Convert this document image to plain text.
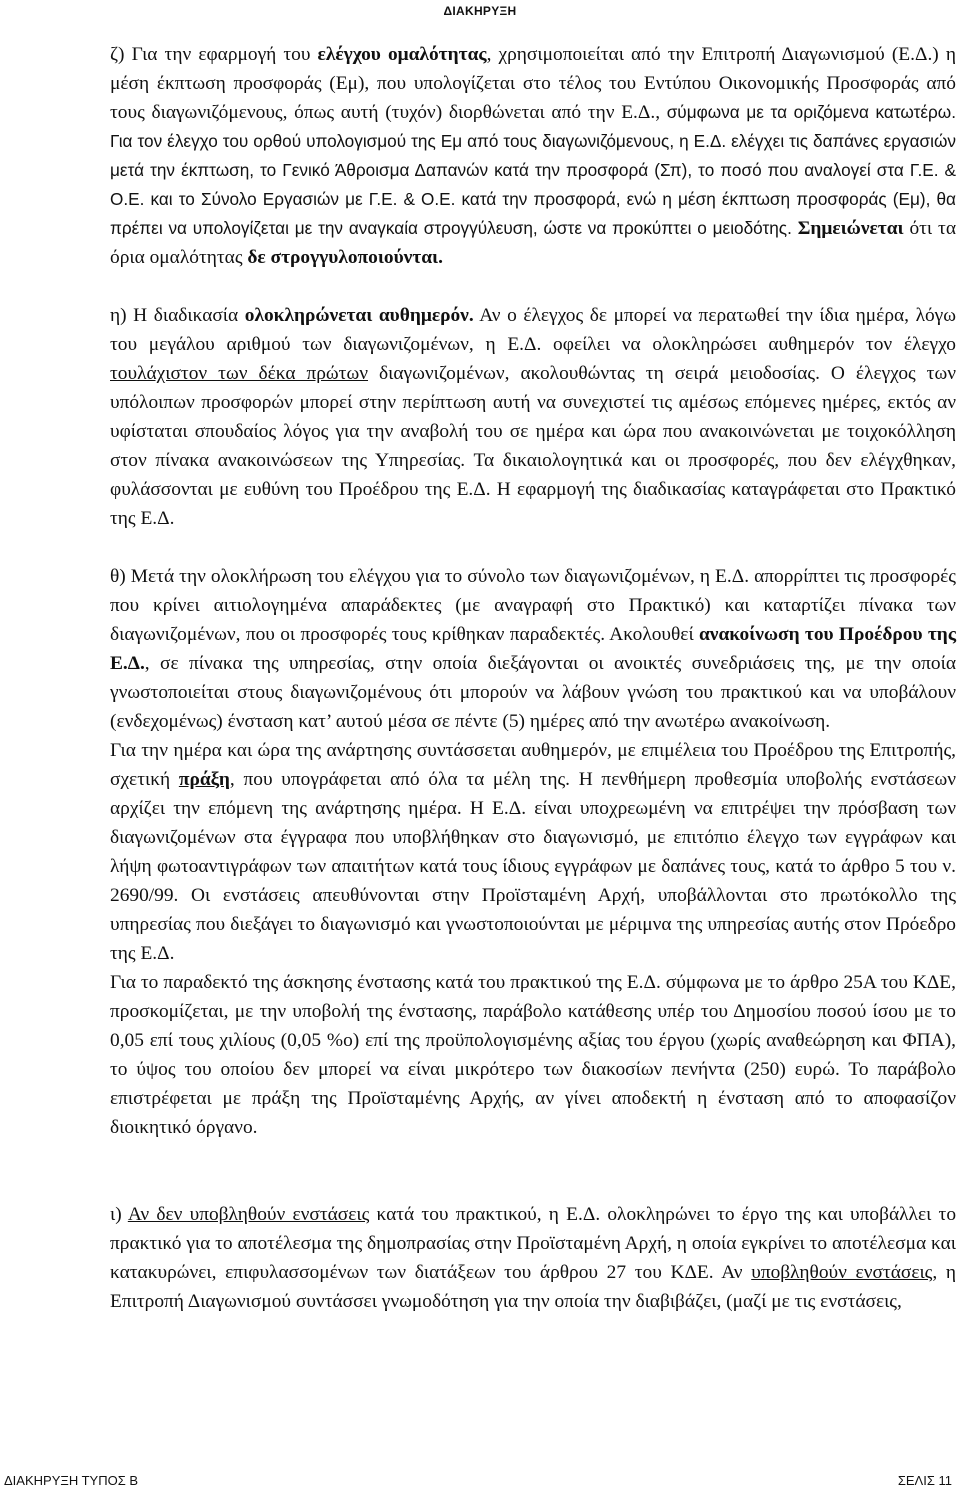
ΔΙΑΚΗΡΥΞΗ

ζ) Για την εφαρμογή του ελέγχου ομαλότητας, χρησιμοποιείται από την Επιτροπή Διαγωνισμού (Ε.Δ.) η μέση έκπτωση προσφοράς (Εμ), που υπολογίζεται στο τέλος του Εντύπου Οικονομικής Προσφοράς από τους διαγωνιζόμενους, όπως αυτή (τυχόν) διορθώνεται από την Ε.Δ., σύμφωνα με τα οριζόμενα κατωτέρω. Για τον έλεγχο του ορθού υπολογισμού της Εμ από τους διαγωνιζόμενους, η Ε.Δ. ελέγχει τις δαπάνες εργασιών μετά την έκπτωση, το Γενικό Άθροισμα Δαπανών κατά την προσφορά (Σπ), το ποσό που αναλογεί στα Γ.Ε. & Ο.Ε. και το Σύνολο Εργασιών με Γ.Ε. & Ο.Ε. κατά την προσφορά, ενώ η μέση έκπτωση προσφοράς (Εμ), θα πρέπει να υπολογίζεται με την αναγκαία στρογγύλευση, ώστε να προκύπτει ο μειοδότης. Σημειώνεται ότι τα όρια ομαλότητας δε στρογγυλοποιούνται.

η) Η διαδικασία ολοκληρώνεται αυθημερόν. Αν ο έλεγχος δε μπορεί να περατωθεί την ίδια ημέρα, λόγω του μεγάλου αριθμού των διαγωνιζομένων, η Ε.Δ. οφείλει να ολοκληρώσει αυθημερόν τον έλεγχο τουλάχιστον των δέκα πρώτων διαγωνιζομένων, ακολουθώντας τη σειρά μειοδοσίας. Ο έλεγχος των υπόλοιπων προσφορών μπορεί στην περίπτωση αυτή να συνεχιστεί τις αμέσως επόμενες ημέρες, εκτός αν υφίσταται σπουδαίος λόγος για την αναβολή του σε ημέρα και ώρα που ανακοινώνεται με τοιχοκόλληση στον πίνακα ανακοινώσεων της Υπηρεσίας. Τα δικαιολογητικά και οι προσφορές, που δεν ελέγχθηκαν, φυλάσσονται με ευθύνη του Προέδρου της Ε.Δ. Η εφαρμογή της διαδικασίας καταγράφεται στο Πρακτικό της Ε.Δ.

θ) Μετά την ολοκλήρωση του ελέγχου για το σύνολο των διαγωνιζομένων, η Ε.Δ. απορρίπτει τις προσφορές που κρίνει αιτιολογημένα απαράδεκτες (με αναγραφή στο Πρακτικό) και καταρτίζει πίνακα των διαγωνιζομένων, που οι προσφορές τους κρίθηκαν παραδεκτές. Ακολουθεί ανακοίνωση του Προέδρου της Ε.Δ., σε πίνακα της υπηρεσίας, στην οποία διεξάγονται οι ανοικτές συνεδριάσεις της, με την οποία γνωστοποιείται στους διαγωνιζομένους ότι μπορούν να λάβουν γνώση του πρακτικού και να υποβάλουν (ενδεχομένως) ένσταση κατ’ αυτού μέσα σε πέντε (5) ημέρες από την ανωτέρω ανακοίνωση.

Για την ημέρα και ώρα της ανάρτησης συντάσσεται αυθημερόν, με επιμέλεια του Προέδρου της Επιτροπής, σχετική πράξη, που υπογράφεται από όλα τα μέλη της. Η πενθήμερη προθεσμία υποβολής ενστάσεων αρχίζει την επόμενη της ανάρτησης ημέρα. Η Ε.Δ. είναι υποχρεωμένη να επιτρέψει την πρόσβαση των διαγωνιζομένων στα έγγραφα που υποβλήθηκαν στο διαγωνισμό, με επιτόπιο έλεγχο των εγγράφων και λήψη φωτοαντιγράφων των απαιτήτων κατά τους ίδιους εγγράφων με δαπάνες τους, κατά το άρθρο 5 του ν. 2690/99. Οι ενστάσεις απευθύνονται στην Προϊσταμένη Αρχή, υποβάλλονται στο πρωτόκολλο της υπηρεσίας που διεξάγει το διαγωνισμό και γνωστοποιούνται με μέριμνα της υπηρεσίας αυτής στον Πρόεδρο της Ε.Δ.

Για το παραδεκτό της άσκησης ένστασης κατά του πρακτικού της Ε.Δ. σύμφωνα με το άρθρο 25Α του ΚΔΕ, προσκομίζεται, με την υποβολή της ένστασης, παράβολο κατάθεσης υπέρ του Δημοσίου ποσού ίσου με το 0,05 επί τους χιλίους (0,05 %ο) επί της προϋπολογισμένης αξίας του έργου (χωρίς αναθεώρηση και ΦΠΑ), το ύψος του οποίου δεν μπορεί να είναι μικρότερο των διακοσίων πενήντα (250) ευρώ. Το παράβολο επιστρέφεται με πράξη της Προϊσταμένης Αρχής, αν γίνει αποδεκτή η ένσταση από το αποφασίζον διοικητικό όργανο.

ι) Αν δεν υποβληθούν ενστάσεις κατά του πρακτικού, η Ε.Δ. ολοκληρώνει το έργο της και υποβάλλει το πρακτικό για το αποτέλεσμα της δημοπρασίας στην Προϊσταμένη Αρχή, η οποία εγκρίνει το αποτέλεσμα και κατακυρώνει, επιφυλασσομένων των διατάξεων του άρθρου 27 του ΚΔΕ. Αν υποβληθούν ενστάσεις, η Επιτροπή Διαγωνισμού συντάσσει γνωμοδότηση για την οποία την διαβιβάζει, (μαζί με τις ενστάσεις,

ΔΙΑΚΗΡΥΞΗ ΤΥΠΟΣ Β	ΣΕΛΙΣ 11
